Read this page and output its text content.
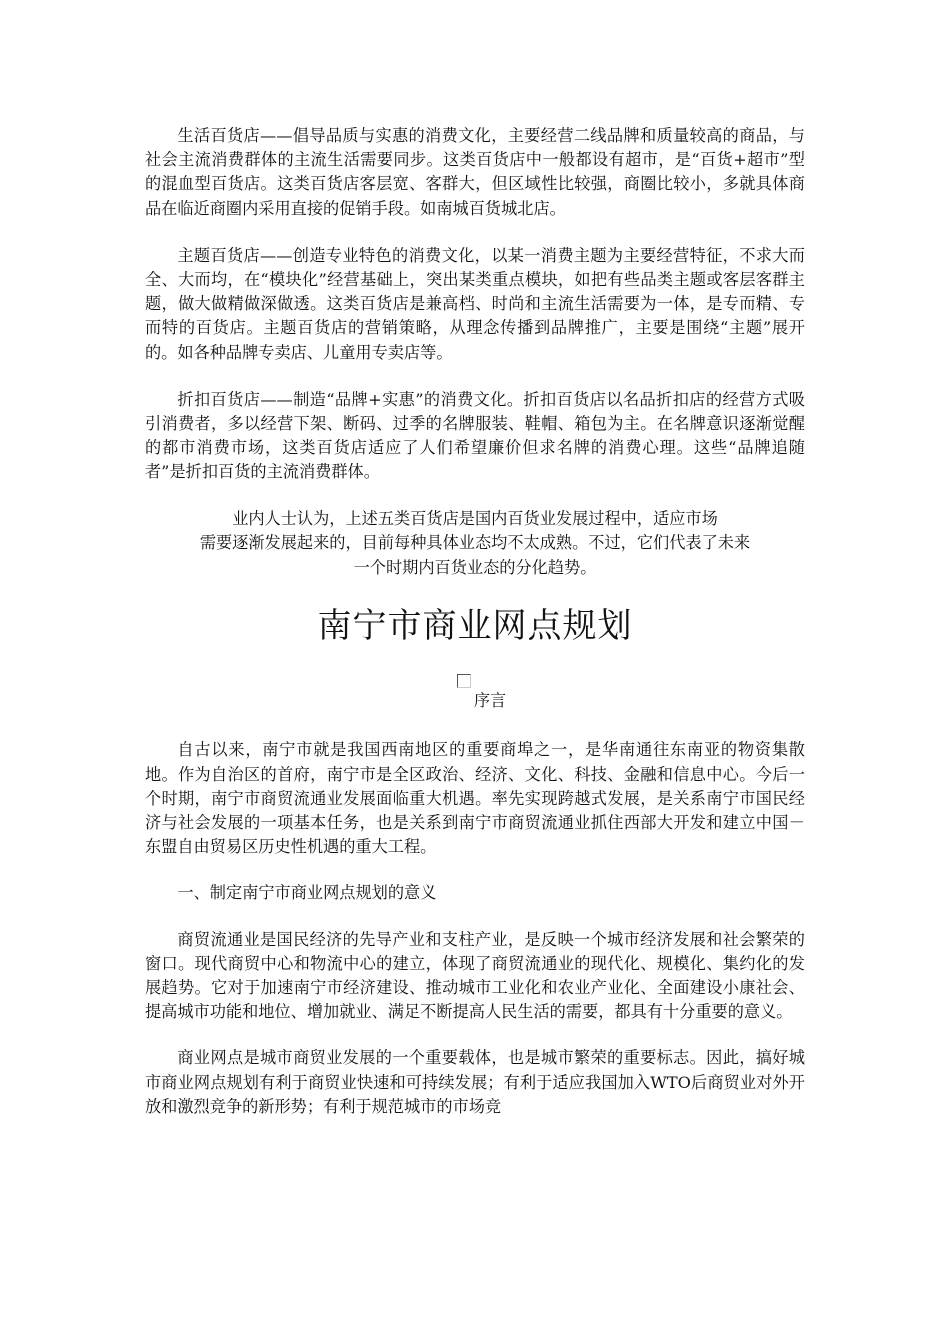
生活百货店——倡导品质与实惠的消费文化，主要经营二线品牌和质量较高的商品，与社会主流消费群体的主流生活需要同步。这类百货店中一般都设有超市，是“百货+超市”型的混血型百货店。这类百货店客层宽、客群大，但区域性比较强，商圈比较小，多就具体商品在临近商圈内采用直接的促销手段。如南城百货城北店。

主题百货店——创造专业特色的消费文化，以某一消费主题为主要经营特征，不求大而全、大而均，在“模块化”经营基础上，突出某类重点模块，如把有些品类主题或客层客群主题，做大做精做深做透。这类百货店是兼高档、时尚和主流生活需要为一体，是专而精、专而特的百货店。主题百货店的营销策略，从理念传播到品牌推广，主要是围绕“主题”展开的。如各种品牌专卖店、儿童用专卖店等。

折扣百货店——制造“品牌+实惠”的消费文化。折扣百货店以名品折扣店的经营方式吸引消费者，多以经营下架、断码、过季的名牌服装、鞋帽、箱包为主。在名牌意识逐渐觉醒的都市消费市场，这类百货店适应了人们希望廉价但求名牌的消费心理。这些“品牌追随者”是折扣百货的主流消费群体。

业内人士认为，上述五类百货店是国内百货业发展过程中，适应市场
需要逐渐发展起来的，目前每种具体业态均不太成熟。不过，它们代表了未来
一个时期内百货业态的分化趋势。
南宁市商业网点规划
序言

自古以来，南宁市就是我国西南地区的重要商埠之一，是华南通往东南亚的物资集散地。作为自治区的首府，南宁市是全区政治、经济、文化、科技、金融和信息中心。今后一个时期，南宁市商贸流通业发展面临重大机遇。率先实现跨越式发展，是关系南宁市国民经济与社会发展的一项基本任务，也是关系到南宁市商贸流通业抓住西部大开发和建立中国－东盟自由贸易区历史性机遇的重大工程。

一、制定南宁市商业网点规划的意义

商贸流通业是国民经济的先导产业和支柱产业，是反映一个城市经济发展和社会繁荣的窗口。现代商贸中心和物流中心的建立，体现了商贸流通业的现代化、规模化、集约化的发展趋势。它对于加速南宁市经济建设、推动城市工业化和农业产业化、全面建设小康社会、提高城市功能和地位、增加就业、满足不断提高人民生活的需要，都具有十分重要的意义。

商业网点是城市商贸业发展的一个重要载体，也是城市繁荣的重要标志。因此，搞好城市商业网点规划有利于商贸业快速和可持续发展；有利于适应我国加入WTO后商贸业对外开放和激烈竞争的新形势；有利于规范城市的市场竞
